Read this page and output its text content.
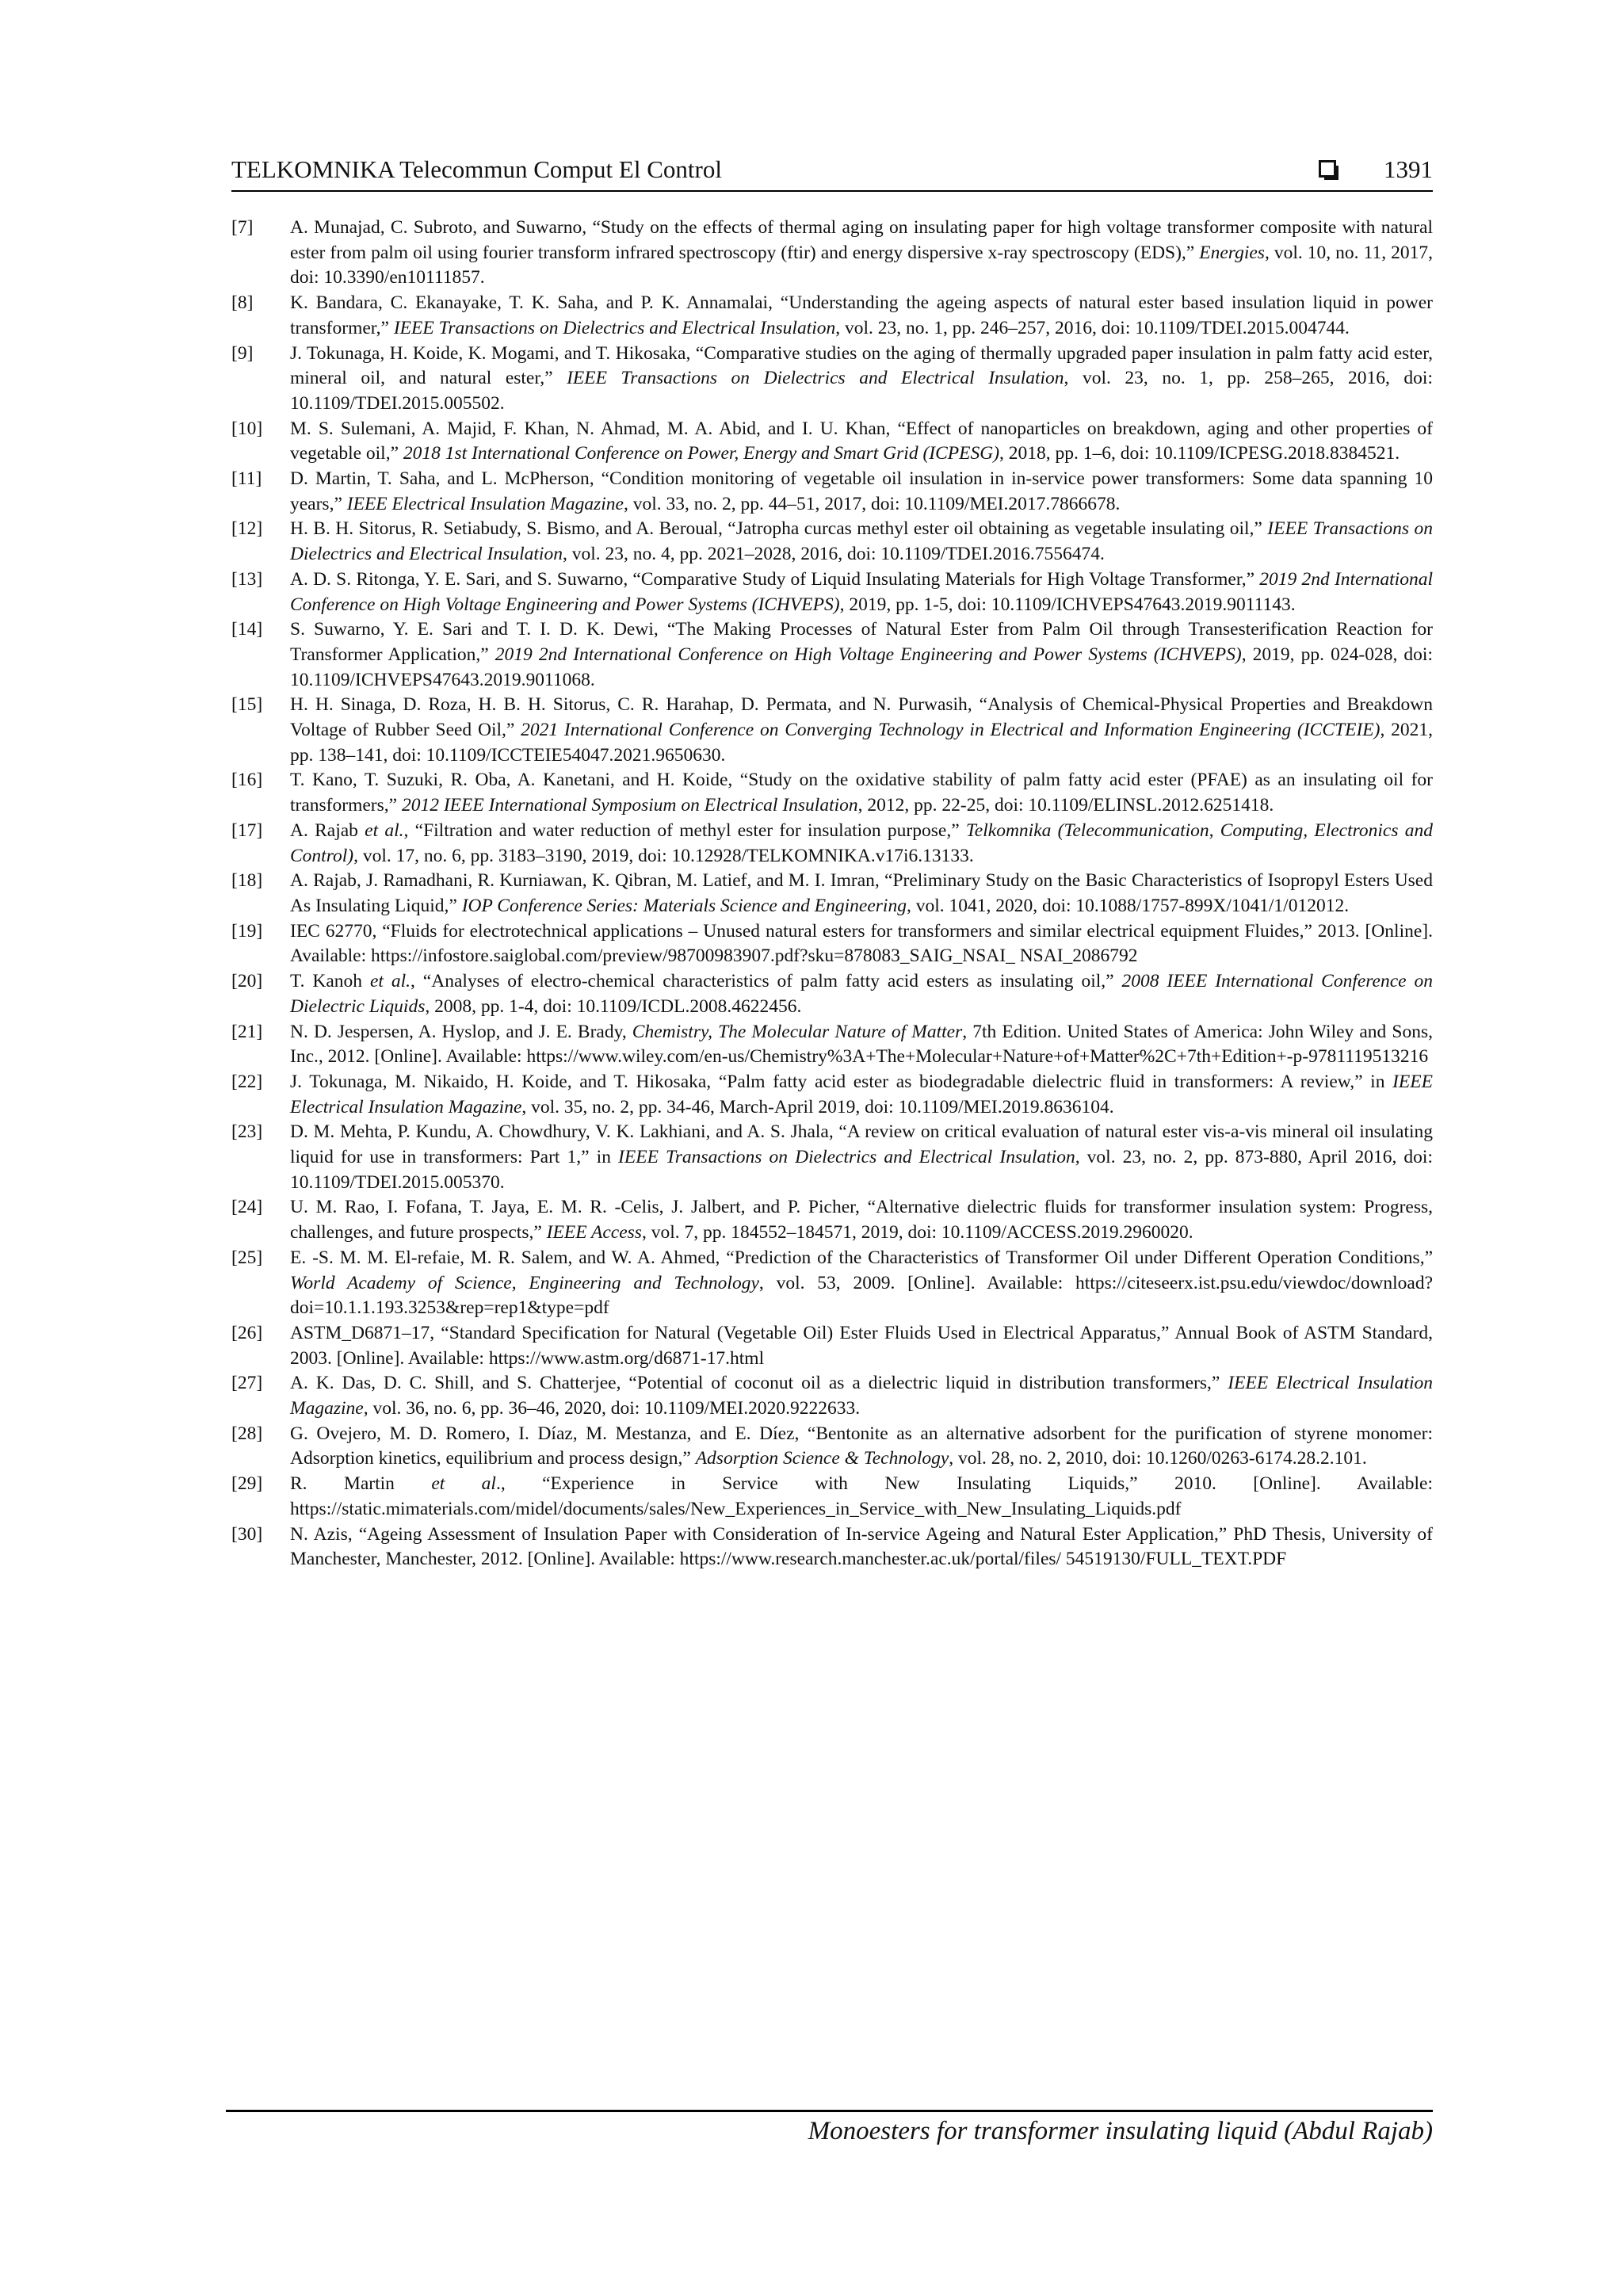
TELKOMNIKA Telecommun Comput El Control	1391
[7] A. Munajad, C. Subroto, and Suwarno, “Study on the effects of thermal aging on insulating paper for high voltage transformer composite with natural ester from palm oil using fourier transform infrared spectroscopy (ftir) and energy dispersive x-ray spectroscopy (EDS),” Energies, vol. 10, no. 11, 2017, doi: 10.3390/en10111857.
[8] K. Bandara, C. Ekanayake, T. K. Saha, and P. K. Annamalai, “Understanding the ageing aspects of natural ester based insulation liquid in power transformer,” IEEE Transactions on Dielectrics and Electrical Insulation, vol. 23, no. 1, pp. 246–257, 2016, doi: 10.1109/TDEI.2015.004744.
[9] J. Tokunaga, H. Koide, K. Mogami, and T. Hikosaka, “Comparative studies on the aging of thermally upgraded paper insulation in palm fatty acid ester, mineral oil, and natural ester,” IEEE Transactions on Dielectrics and Electrical Insulation, vol. 23, no. 1, pp. 258–265, 2016, doi: 10.1109/TDEI.2015.005502.
[10] M. S. Sulemani, A. Majid, F. Khan, N. Ahmad, M. A. Abid, and I. U. Khan, “Effect of nanoparticles on breakdown, aging and other properties of vegetable oil,” 2018 1st International Conference on Power, Energy and Smart Grid (ICPESG), 2018, pp. 1–6, doi: 10.1109/ICPESG.2018.8384521.
[11] D. Martin, T. Saha, and L. McPherson, “Condition monitoring of vegetable oil insulation in in-service power transformers: Some data spanning 10 years,” IEEE Electrical Insulation Magazine, vol. 33, no. 2, pp. 44–51, 2017, doi: 10.1109/MEI.2017.7866678.
[12] H. B. H. Sitorus, R. Setiabudy, S. Bismo, and A. Beroual, “Jatropha curcas methyl ester oil obtaining as vegetable insulating oil,” IEEE Transactions on Dielectrics and Electrical Insulation, vol. 23, no. 4, pp. 2021–2028, 2016, doi: 10.1109/TDEI.2016.7556474.
[13] A. D. S. Ritonga, Y. E. Sari, and S. Suwarno, “Comparative Study of Liquid Insulating Materials for High Voltage Transformer,” 2019 2nd International Conference on High Voltage Engineering and Power Systems (ICHVEPS), 2019, pp. 1-5, doi: 10.1109/ICHVEPS47643.2019.9011143.
[14] S. Suwarno, Y. E. Sari and T. I. D. K. Dewi, “The Making Processes of Natural Ester from Palm Oil through Transesterification Reaction for Transformer Application,” 2019 2nd International Conference on High Voltage Engineering and Power Systems (ICHVEPS), 2019, pp. 024-028, doi: 10.1109/ICHVEPS47643.2019.9011068.
[15] H. H. Sinaga, D. Roza, H. B. H. Sitorus, C. R. Harahap, D. Permata, and N. Purwasih, “Analysis of Chemical-Physical Properties and Breakdown Voltage of Rubber Seed Oil,” 2021 International Conference on Converging Technology in Electrical and Information Engineering (ICCTEIE), 2021, pp. 138–141, doi: 10.1109/ICCTEIE54047.2021.9650630.
[16] T. Kano, T. Suzuki, R. Oba, A. Kanetani, and H. Koide, “Study on the oxidative stability of palm fatty acid ester (PFAE) as an insulating oil for transformers,” 2012 IEEE International Symposium on Electrical Insulation, 2012, pp. 22-25, doi: 10.1109/ELINSL.2012.6251418.
[17] A. Rajab et al., “Filtration and water reduction of methyl ester for insulation purpose,” Telkomnika (Telecommunication, Computing, Electronics and Control), vol. 17, no. 6, pp. 3183–3190, 2019, doi: 10.12928/TELKOMNIKA.v17i6.13133.
[18] A. Rajab, J. Ramadhani, R. Kurniawan, K. Qibran, M. Latief, and M. I. Imran, “Preliminary Study on the Basic Characteristics of Isopropyl Esters Used As Insulating Liquid,” IOP Conference Series: Materials Science and Engineering, vol. 1041, 2020, doi: 10.1088/1757-899X/1041/1/012012.
[19] IEC 62770, “Fluids for electrotechnical applications – Unused natural esters for transformers and similar electrical equipment Fluides,” 2013. [Online]. Available: https://infostore.saiglobal.com/preview/98700983907.pdf?sku=878083_SAIG_NSAI_ NSAI_2086792
[20] T. Kanoh et al., “Analyses of electro-chemical characteristics of palm fatty acid esters as insulating oil,” 2008 IEEE International Conference on Dielectric Liquids, 2008, pp. 1-4, doi: 10.1109/ICDL.2008.4622456.
[21] N. D. Jespersen, A. Hyslop, and J. E. Brady, Chemistry, The Molecular Nature of Matter, 7th Edition. United States of America: John Wiley and Sons, Inc., 2012. [Online]. Available: https://www.wiley.com/en-us/Chemistry%3A+The+Molecular+Nature+of+Matter%2C+7th+Edition+-p-9781119513216
[22] J. Tokunaga, M. Nikaido, H. Koide, and T. Hikosaka, “Palm fatty acid ester as biodegradable dielectric fluid in transformers: A review,” in IEEE Electrical Insulation Magazine, vol. 35, no. 2, pp. 34-46, March-April 2019, doi: 10.1109/MEI.2019.8636104.
[23] D. M. Mehta, P. Kundu, A. Chowdhury, V. K. Lakhiani, and A. S. Jhala, “A review on critical evaluation of natural ester vis-a-vis mineral oil insulating liquid for use in transformers: Part 1,” in IEEE Transactions on Dielectrics and Electrical Insulation, vol. 23, no. 2, pp. 873-880, April 2016, doi: 10.1109/TDEI.2015.005370.
[24] U. M. Rao, I. Fofana, T. Jaya, E. M. R. -Celis, J. Jalbert, and P. Picher, “Alternative dielectric fluids for transformer insulation system: Progress, challenges, and future prospects,” IEEE Access, vol. 7, pp. 184552–184571, 2019, doi: 10.1109/ACCESS.2019.2960020.
[25] E. -S. M. M. El-refaie, M. R. Salem, and W. A. Ahmed, “Prediction of the Characteristics of Transformer Oil under Different Operation Conditions,” World Academy of Science, Engineering and Technology, vol. 53, 2009. [Online]. Available: https://citeseerx.ist.psu.edu/viewdoc/download?doi=10.1.1.193.3253&rep=rep1&type=pdf
[26] ASTM_D6871–17, “Standard Specification for Natural (Vegetable Oil) Ester Fluids Used in Electrical Apparatus,” Annual Book of ASTM Standard, 2003. [Online]. Available: https://www.astm.org/d6871-17.html
[27] A. K. Das, D. C. Shill, and S. Chatterjee, “Potential of coconut oil as a dielectric liquid in distribution transformers,” IEEE Electrical Insulation Magazine, vol. 36, no. 6, pp. 36–46, 2020, doi: 10.1109/MEI.2020.9222633.
[28] G. Ovejero, M. D. Romero, I. Díaz, M. Mestanza, and E. Díez, “Bentonite as an alternative adsorbent for the purification of styrene monomer: Adsorption kinetics, equilibrium and process design,” Adsorption Science & Technology, vol. 28, no. 2, 2010, doi: 10.1260/0263-6174.28.2.101.
[29] R. Martin et al., “Experience in Service with New Insulating Liquids,” 2010. [Online]. Available: https://static.mimaterials.com/midel/documents/sales/New_Experiences_in_Service_with_New_Insulating_Liquids.pdf
[30] N. Azis, “Ageing Assessment of Insulation Paper with Consideration of In-service Ageing and Natural Ester Application,” PhD Thesis, University of Manchester, Manchester, 2012. [Online]. Available: https://www.research.manchester.ac.uk/portal/files/ 54519130/FULL_TEXT.PDF
Monoesters for transformer insulating liquid (Abdul Rajab)
